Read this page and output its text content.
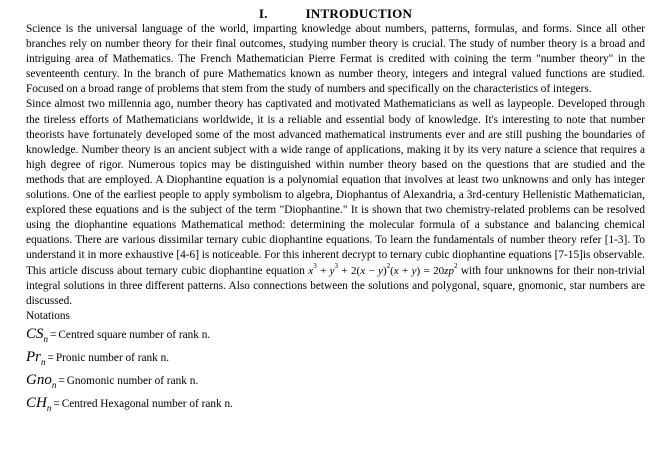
I.	INTRODUCTION

Science is the universal language of the world, imparting knowledge about numbers, patterns, formulas, and forms. Since all other branches rely on number theory for their final outcomes, studying number theory is crucial. The study of number theory is a broad and intriguing area of Mathematics. The French Mathematician Pierre Fermat is credited with coining the term "number theory" in the seventeenth century. In the branch of pure Mathematics known as number theory, integers and integral valued functions are studied. Focused on a broad range of problems that stem from the study of numbers and specifically on the characteristics of integers.

Since almost two millennia ago, number theory has captivated and motivated Mathematicians as well as laypeople. Developed through the tireless efforts of Mathematicians worldwide, it is a reliable and essential body of knowledge. It's interesting to note that number theorists have fortunately developed some of the most advanced mathematical instruments ever and are still pushing the boundaries of knowledge. Number theory is an ancient subject with a wide range of applications, making it by its very nature a science that requires a high degree of rigor. Numerous topics may be distinguished within number theory based on the questions that are studied and the methods that are employed. A Diophantine equation is a polynomial equation that involves at least two unknowns and only has integer solutions. One of the earliest people to apply symbolism to algebra, Diophantus of Alexandria, a 3rd-century Hellenistic Mathematician, explored these equations and is the subject of the term "Diophantine." It is shown that two chemistry-related problems can be resolved using the diophantine equations Mathematical method: determining the molecular formula of a substance and balancing chemical equations. There are various dissimilar ternary cubic diophantine equations. To learn the fundamentals of number theory refer [1-3]. To understand it in more exhaustive [4-6] is noticeable. For this inherent decrypt to ternary cubic diophantine equations [7-15]is observable. This article discuss about ternary cubic diophantine equation $x^3 + y^3 + 2(x - y)^2(x + y) = 20zp^2$ with four unknowns for their non-trivial integral solutions in three different patterns. Also connections between the solutions and polygonal, square, gnomonic, star numbers are discussed.

Notations

$CS_n$ = Centred square number of rank n.
$Pr_n$ = Pronic number of rank n.
Gno$_n$ = Gnomonic number of rank n.
$CH_n$ = Centred Hexagonal number of rank n.
